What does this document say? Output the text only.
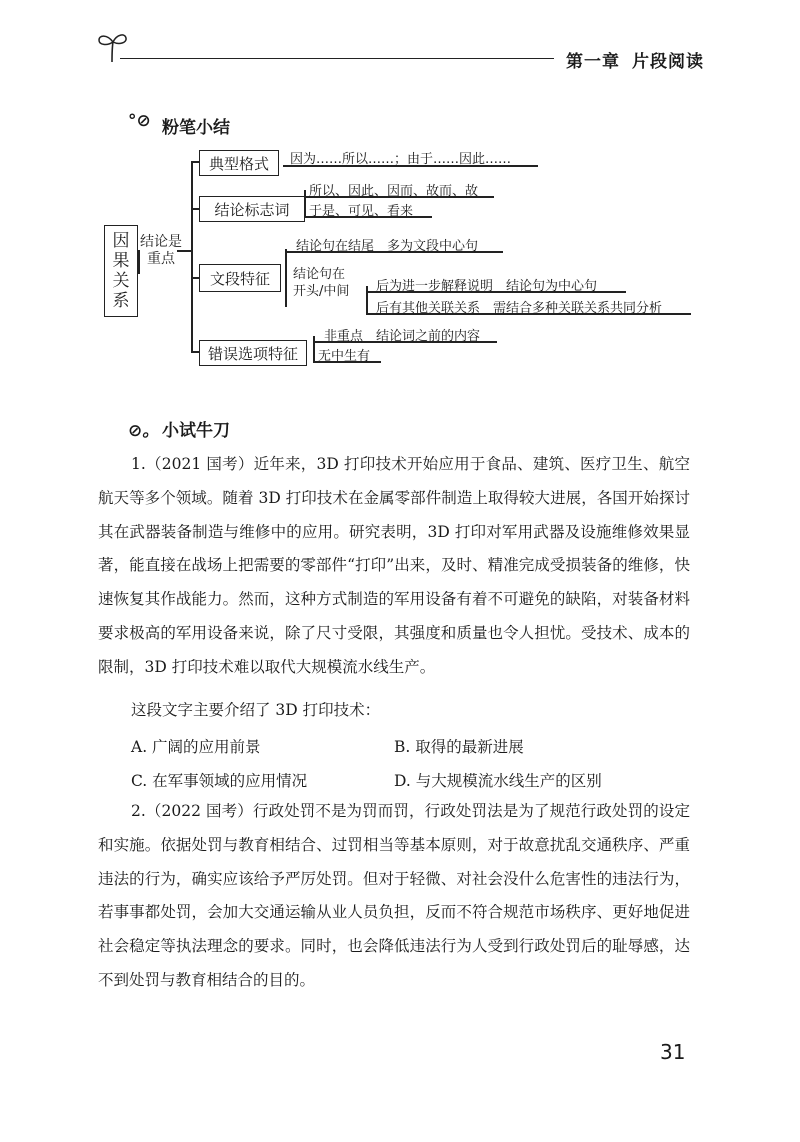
第一章 片段阅读
°⊘ 粉笔小结
因
果
关
系
结论是
重点
典型格式
结论标志词
文段特征
错误选项特征
因为……所以……；由于……因此……
所以、因此、因而、故而、故
于是、可见、看来
结论句在结尾　多为文段中心句
结论句在
开头/中间 后为进一步解释说明　结论句为中心句
后有其他关联关系　需结合多种关联关系共同分析
非重点　结论词之前的内容
无中生有
⊘。 小试牛刀

1.（2021 国考）近年来，3D 打印技术开始应用于食品、建筑、医疗卫生、航空航天等多个领域。随着 3D 打印技术在金属零部件制造上取得较大进展，各国开始探讨其在武器装备制造与维修中的应用。研究表明，3D 打印对军用武器及设施维修效果显著，能直接在战场上把需要的零部件“打印”出来，及时、精准完成受损装备的维修，快速恢复其作战能力。然而，这种方式制造的军用设备有着不可避免的缺陷，对装备材料要求极高的军用设备来说，除了尺寸受限，其强度和质量也令人担忧。受技术、成本的限制，3D 打印技术难以取代大规模流水线生产。

这段文字主要介绍了 3D 打印技术：
A. 广阔的应用前景	B. 取得的最新进展
C. 在军事领域的应用情况	D. 与大规模流水线生产的区别

2.（2022 国考）行政处罚不是为罚而罚，行政处罚法是为了规范行政处罚的设定和实施。依据处罚与教育相结合、过罚相当等基本原则，对于故意扰乱交通秩序、严重违法的行为，确实应该给予严厉处罚。但对于轻微、对社会没什么危害性的违法行为，若事事都处罚，会加大交通运输从业人员负担，反而不符合规范市场秩序、更好地促进社会稳定等执法理念的要求。同时，也会降低违法行为人受到行政处罚后的耻辱感，达不到处罚与教育相结合的目的。

31
